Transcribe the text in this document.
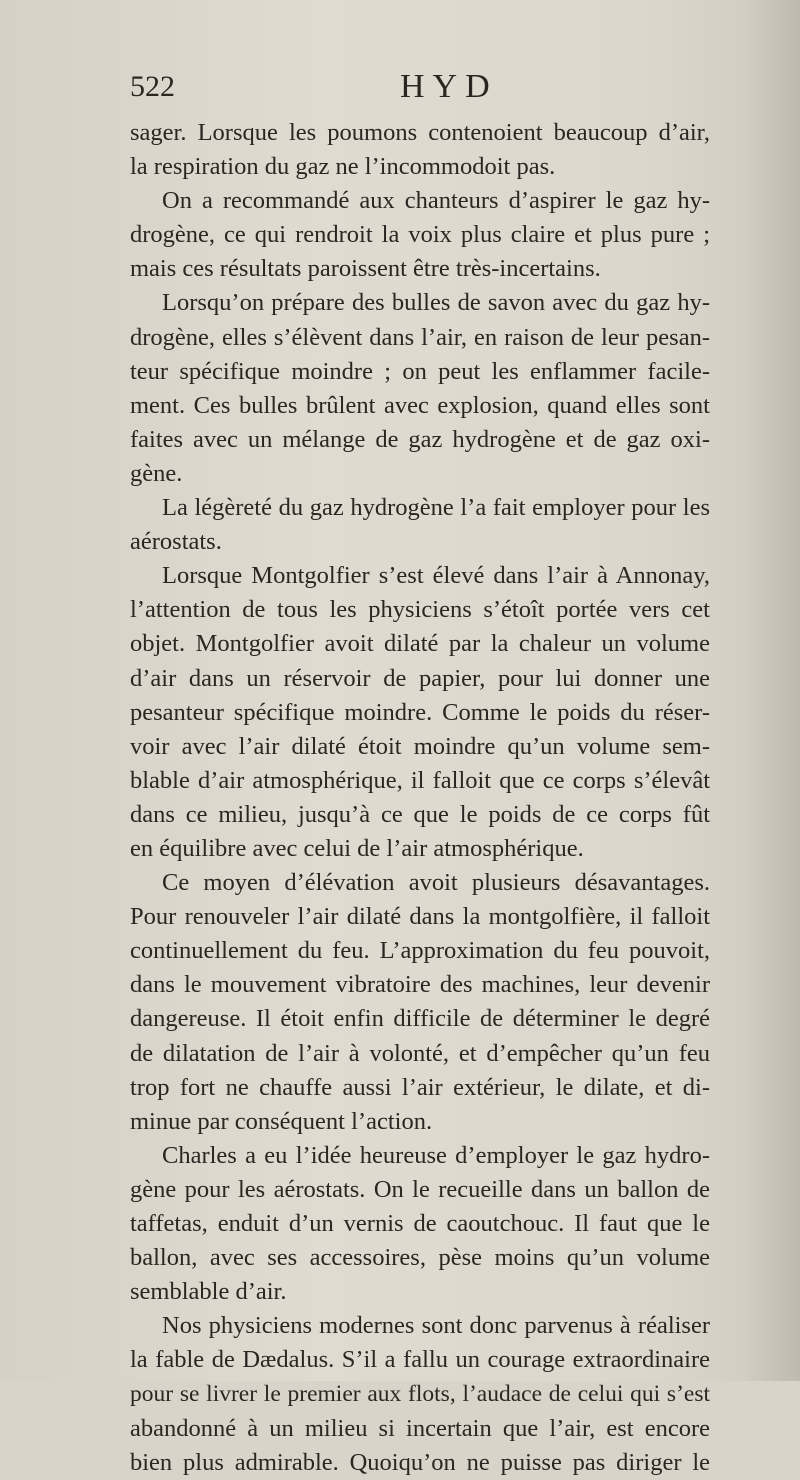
522	HYD
sager. Lorsque les poumons contenoient beaucoup d’air,
la respiration du gaz ne l’incommodoit pas.
On a recommandé aux chanteurs d’aspirer le gaz hy-
drogène, ce qui rendroit la voix plus claire et plus pure ;
mais ces résultats paroissent être très-incertains.
Lorsqu’on prépare des bulles de savon avec du gaz hy-
drogène, elles s’élèvent dans l’air, en raison de leur pesan-
teur spécifique moindre ; on peut les enflammer facile-
ment. Ces bulles brûlent avec explosion, quand elles sont
faites avec un mélange de gaz hydrogène et de gaz oxi-
gène.
La légèreté du gaz hydrogène l’a fait employer pour les
aérostats.
Lorsque Montgolfier s’est élevé dans l’air à Annonay,
l’attention de tous les physiciens s’étoît portée vers cet
objet. Montgolfier avoit dilaté par la chaleur un volume
d’air dans un réservoir de papier, pour lui donner une
pesanteur spécifique moindre. Comme le poids du réser-
voir avec l’air dilaté étoit moindre qu’un volume sem-
blable d’air atmosphérique, il falloit que ce corps s’élevât
dans ce milieu, jusqu’à ce que le poids de ce corps fût
en équilibre avec celui de l’air atmosphérique.
Ce moyen d’élévation avoit plusieurs désavantages.
Pour renouveler l’air dilaté dans la montgolfière, il falloit
continuellement du feu. L’approximation du feu pouvoit,
dans le mouvement vibratoire des machines, leur devenir
dangereuse. Il étoit enfin difficile de déterminer le degré
de dilatation de l’air à volonté, et d’empêcher qu’un feu
trop fort ne chauffe aussi l’air extérieur, le dilate, et di-
minue par conséquent l’action.
Charles a eu l’idée heureuse d’employer le gaz hydro-
gène pour les aérostats. On le recueille dans un ballon de
taffetas, enduit d’un vernis de caoutchouc. Il faut que le
ballon, avec ses accessoires, pèse moins qu’un volume
semblable d’air.
Nos physiciens modernes sont donc parvenus à réaliser
la fable de Dædalus. S’il a fallu un courage extraordinaire
pour se livrer le premier aux flots, l’audace de celui qui s’est
abandonné à un milieu si incertain que l’air, est encore
bien plus admirable. Quoiqu’on ne puisse pas diriger le
